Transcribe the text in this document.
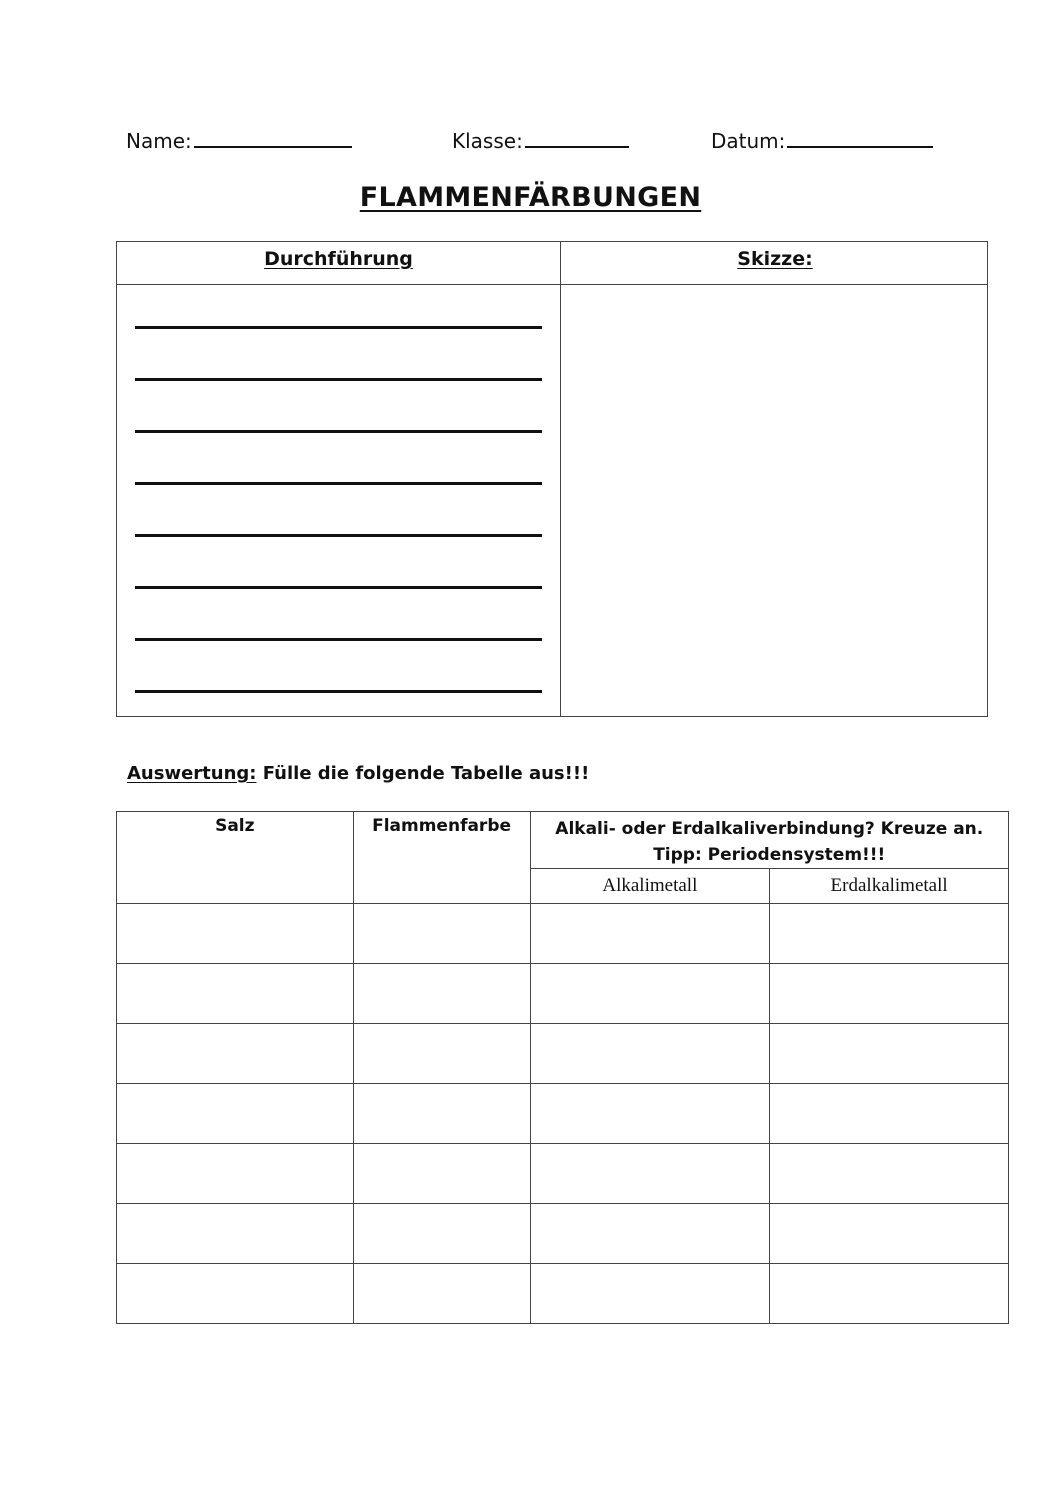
Name:	Klasse:	Datum:
FLAMMENFÄRBUNGEN
Durchführung	Skizze:
Auswertung: Fülle die folgende Tabelle aus!!!
Salz	Flammenfarbe	Alkali- oder Erdalkaliverbindung? Kreuze an.
Tipp: Periodensystem!!!	

		Alkalimetall	Erdalkalimetall
